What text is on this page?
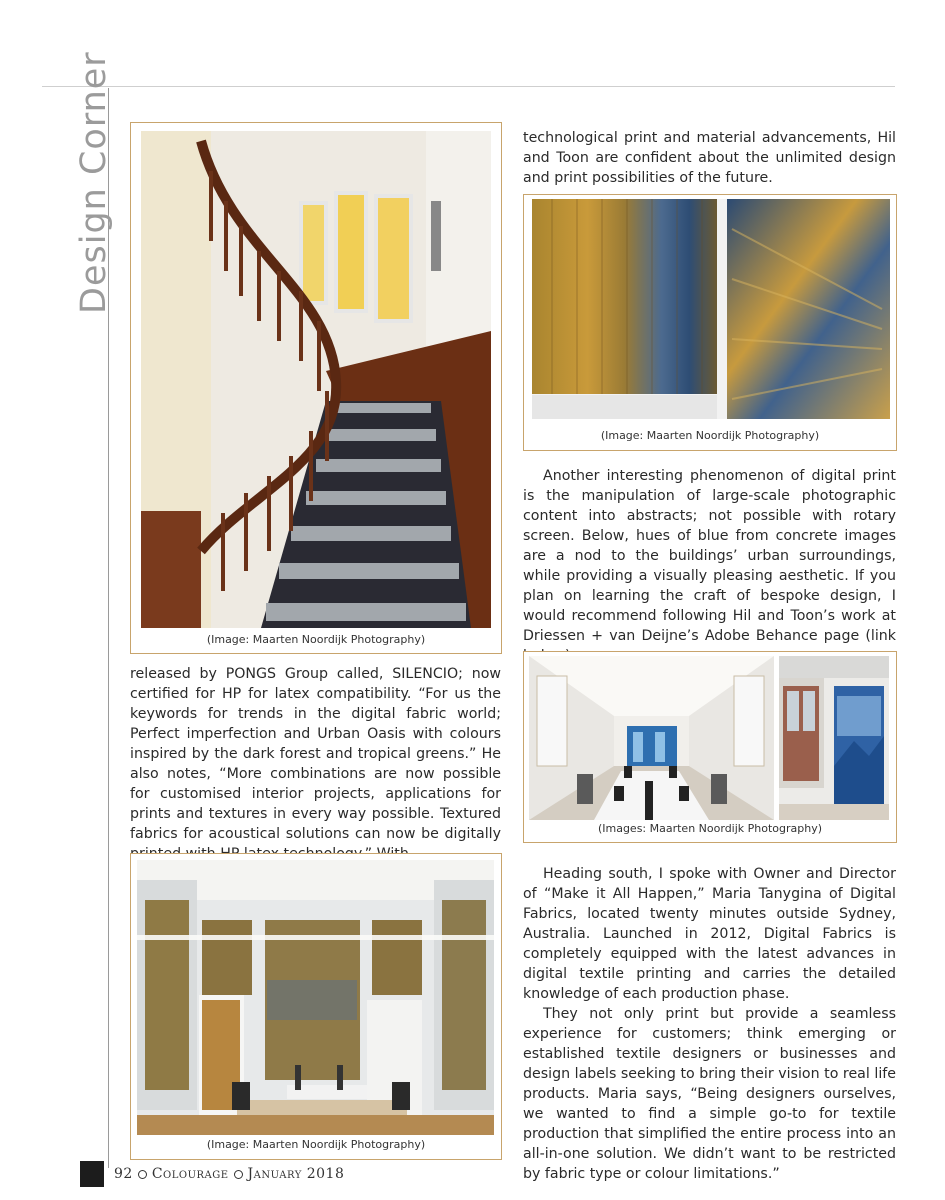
Design Corner
(Image: Maarten Noordijk Photography)

released by PONGS Group called, SILENCIO; now certified for HP for latex compatibility. “For us the keywords for trends in the digital fabric world; Perfect imperfection and Urban Oasis with colours inspired by the dark forest and tropical greens.” He also notes, “More combinations are now possible for customised interior projects, applications for prints and textures in every way possible. Textured fabrics for acoustical solutions can now be digitally

(Image: Maarten Noordijk Photography)

technological print and material advancements, Hil and Toon are confident about the unlimited design and print possibilities of the future.

(Image: Maarten Noordijk Photography)

Another interesting phenomenon of digital print is the manipulation of large-scale photographic content into abstracts; not possible with rotary screen. Below, hues of blue from concrete images are a nod to the buildings’ urban surroundings, while providing a visually pleasing aesthetic. If you plan on learning the craft of bespoke design, I would recommend following Hil and Toon’s work at Driessen + van Deijne’s Adobe Behance page (link

(Images: Maarten Noordijk Photography)

Heading south, I spoke with Owner and Director of “Make it All Happen,” Maria Tanygina of Digital Fabrics, located twenty minutes outside Sydney, Australia. Launched in 2012, Digital Fabrics is completely equipped with the latest advances in digital textile printing and carries the detailed knowledge of each production phase.

They not only print but provide a seamless experience for customers; think emerging or established textile designers or businesses and design labels seeking to bring their vision to real life products. Maria says, “Being designers ourselves, we wanted to find a simple go-to for textile production that simplified the entire process into an all-in-one solution. We didn’t want to be restricted by fabric type or colour limitations.”

92 Colourage January 2018
